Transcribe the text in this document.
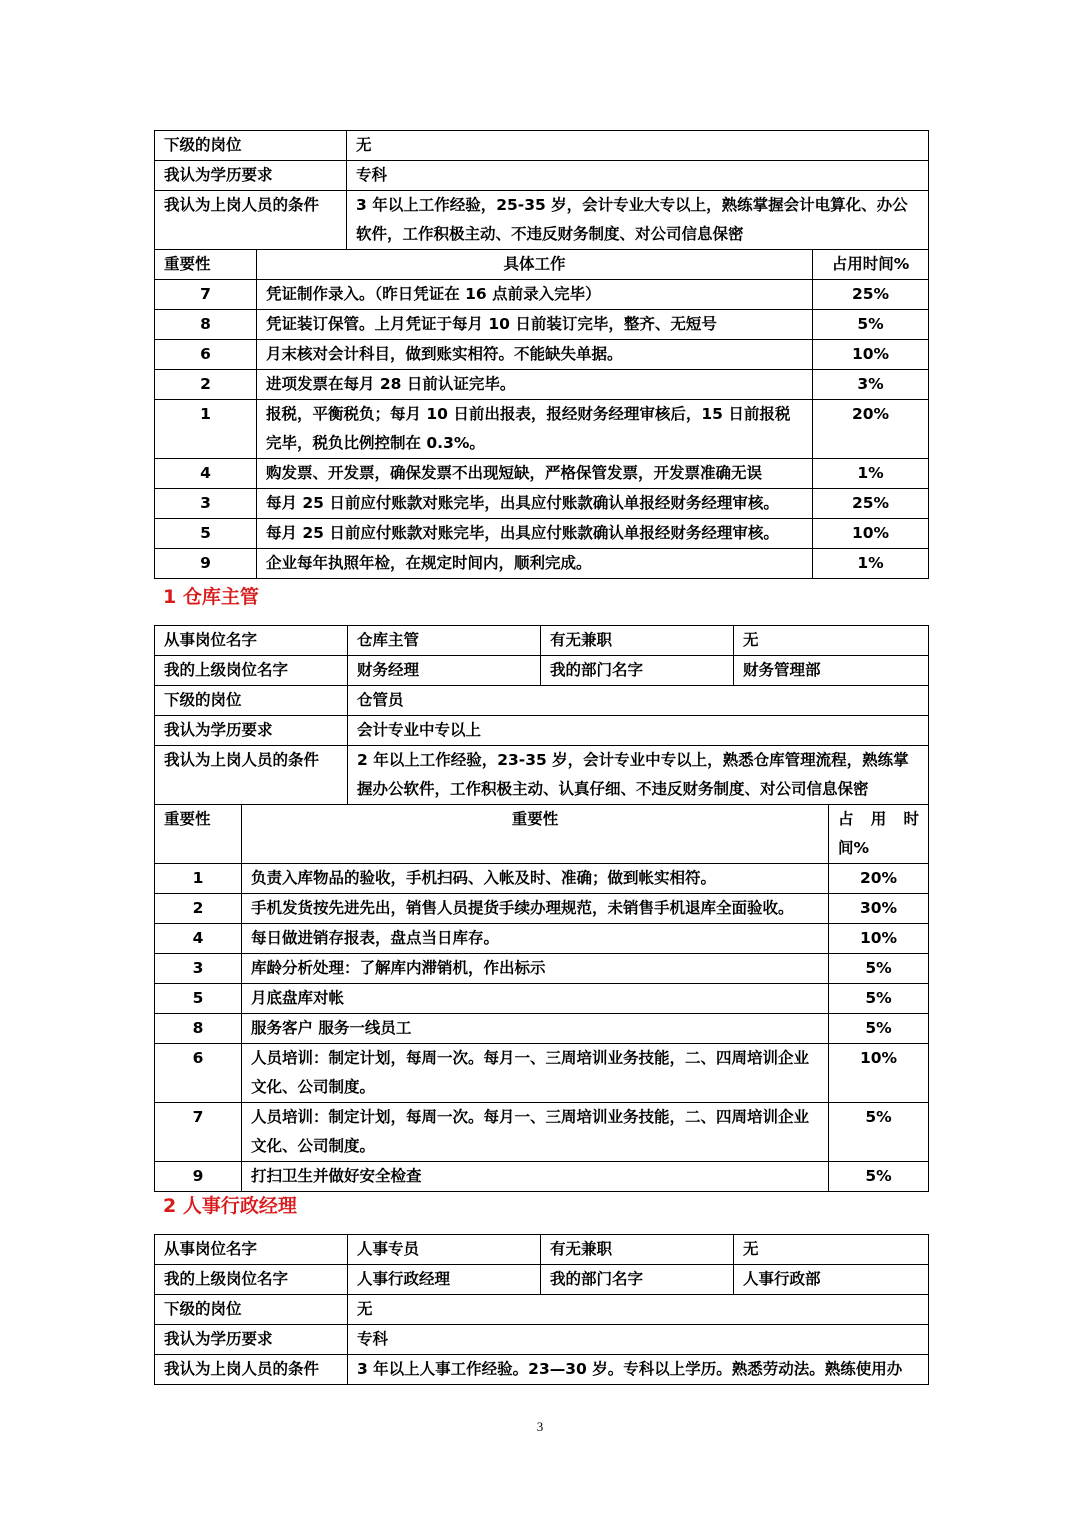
下级的岗位		无	
我认为学历要求		专科	
我认为上岗人员的条件		3 年以上工作经验，25-35 岁，会计专业大专以上，熟练掌握会计电算化、办公软件，工作积极主动、不违反财务制度、对公司信息保密	
重要性	具体工作		占用时间%
7	凭证制作录入。（昨日凭证在 16 点前录入完毕）		25%
8	凭证装订保管。上月凭证于每月 10 日前装订完毕，整齐、无短号		5%
6	月末核对会计科目，做到账实相符。不能缺失单据。		10%
2	进项发票在每月 28 日前认证完毕。		3%
1	报税，平衡税负；每月 10 日前出报表，报经财务经理审核后，15 日前报税完毕，税负比例控制在 0.3%。		20%
4	购发票、开发票，确保发票不出现短缺，严格保管发票，开发票准确无误		1%
3	每月 25 日前应付账款对账完毕，出具应付账款确认单报经财务经理审核。		25%
5	每月 25 日前应付账款对账完毕，出具应付账款确认单报经财务经理审核。		10%
9	企业每年执照年检，在规定时间内，顺利完成。		1%
1 仓库主管
从事岗位名字		仓库主管	有无兼职	无	
我的上级岗位名字		财务经理	我的部门名字	财务管理部	
下级的岗位		仓管员			
我认为学历要求		会计专业中专以上			
我认为上岗人员的条件		2 年以上工作经验，23-35 岁，会计专业中专以上，熟悉仓库管理流程，熟练掌握办公软件，工作积极主动、认真仔细、不违反财务制度、对公司信息保密			
重要性	重要性				占 用 时 间%
1	负责入库物品的验收，手机扫码、入帐及时、准确；做到帐实相符。				20%
2	手机发货按先进先出，销售人员提货手续办理规范，未销售手机退库全面验收。				30%
4	每日做进销存报表，盘点当日库存。				10%
3	库龄分析处理：了解库内滞销机，作出标示				5%
5	月底盘库对帐				5%
8	服务客户 服务一线员工				5%
6	人员培训：制定计划，每周一次。每月一、三周培训业务技能，二、四周培训企业文化、公司制度。				10%
7	人员培训：制定计划，每周一次。每月一、三周培训业务技能，二、四周培训企业文化、公司制度。				5%
9	打扫卫生并做好安全检查				5%
2 人事行政经理
从事岗位名字	人事专员	有无兼职	无
我的上级岗位名字	人事行政经理	我的部门名字	人事行政部
下级的岗位	无		
我认为学历要求	专科		
我认为上岗人员的条件	3 年以上人事工作经验。23—30 岁。专科以上学历。熟悉劳动法。熟练使用办		
3
